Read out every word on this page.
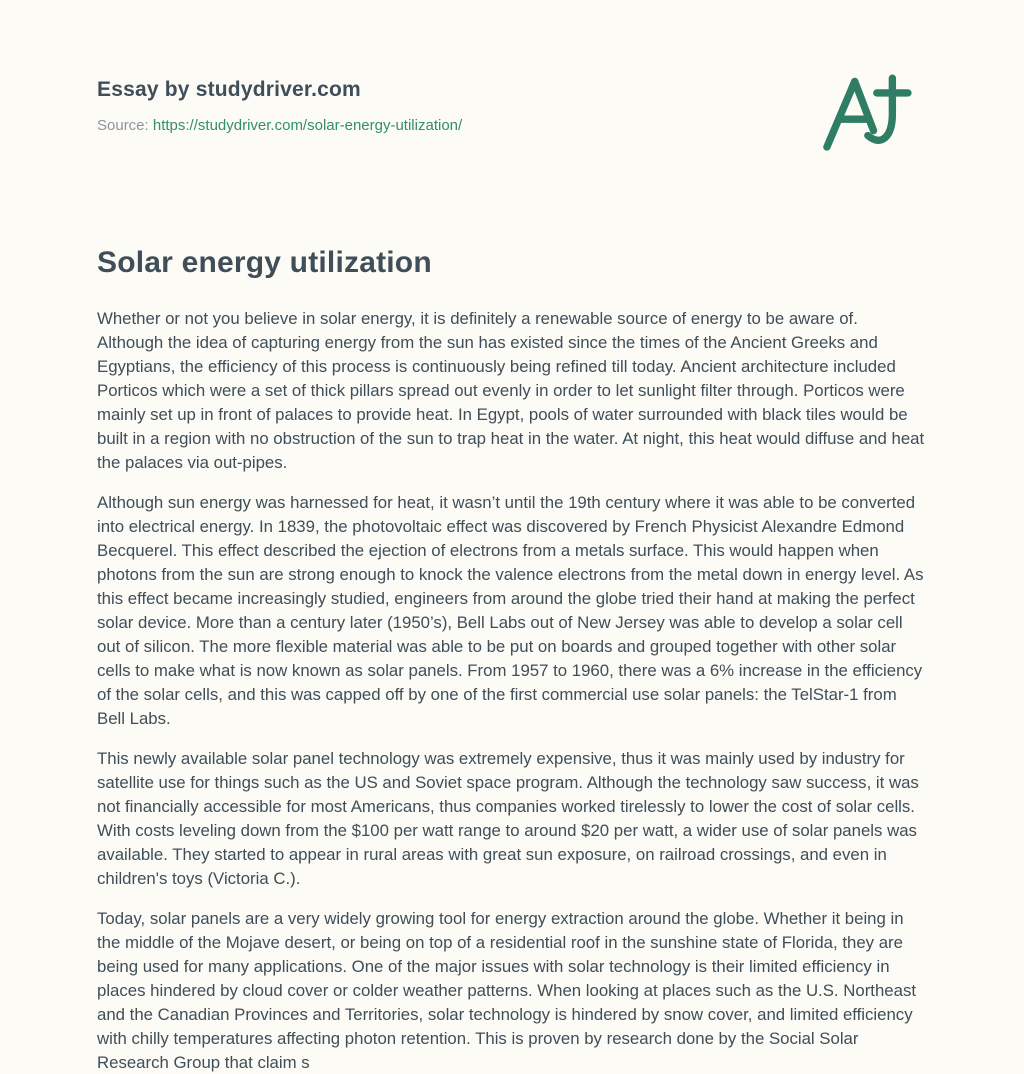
Essay by studydriver.com
Source: https://studydriver.com/solar-energy-utilization/
Solar energy utilization

Whether or not you believe in solar energy, it is definitely a renewable source of energy to be aware of. Although the idea of capturing energy from the sun has existed since the times of the Ancient Greeks and Egyptians, the efficiency of this process is continuously being refined till today. Ancient architecture included Porticos which were a set of thick pillars spread out evenly in order to let sunlight filter through. Porticos were mainly set up in front of palaces to provide heat. In Egypt, pools of water surrounded with black tiles would be built in a region with no obstruction of the sun to trap heat in the water. At night, this heat would diffuse and heat the palaces via out-pipes.

Although sun energy was harnessed for heat, it wasn’t until the 19th century where it was able to be converted into electrical energy. In 1839, the photovoltaic effect was discovered by French Physicist Alexandre Edmond Becquerel. This effect described the ejection of electrons from a metals surface. This would happen when photons from the sun are strong enough to knock the valence electrons from the metal down in energy level. As this effect became increasingly studied, engineers from around the globe tried their hand at making the perfect solar device. More than a century later (1950’s), Bell Labs out of New Jersey was able to develop a solar cell out of silicon. The more flexible material was able to be put on boards and grouped together with other solar cells to make what is now known as solar panels. From 1957 to 1960, there was a 6% increase in the efficiency of the solar cells, and this was capped off by one of the first commercial use solar panels: the TelStar-1 from Bell Labs.

This newly available solar panel technology was extremely expensive, thus it was mainly used by industry for satellite use for things such as the US and Soviet space program. Although the technology saw success, it was not financially accessible for most Americans, thus companies worked tirelessly to lower the cost of solar cells. With costs leveling down from the $100 per watt range to around $20 per watt, a wider use of solar panels was available. They started to appear in rural areas with great sun exposure, on railroad crossings, and even in children's toys (Victoria C.).

Today, solar panels are a very widely growing tool for energy extraction around the globe. Whether it being in the middle of the Mojave desert, or being on top of a residential roof in the sunshine state of Florida, they are being used for many applications. One of the major issues with solar technology is their limited efficiency in places hindered by cloud cover or colder weather patterns. When looking at places such as the U.S. Northeast and the Canadian Provinces and Territories, solar technology is hindered by snow cover, and limited efficiency with chilly temperatures affecting photon retention. This is proven by research done by the Social Solar Research Group that claim s
